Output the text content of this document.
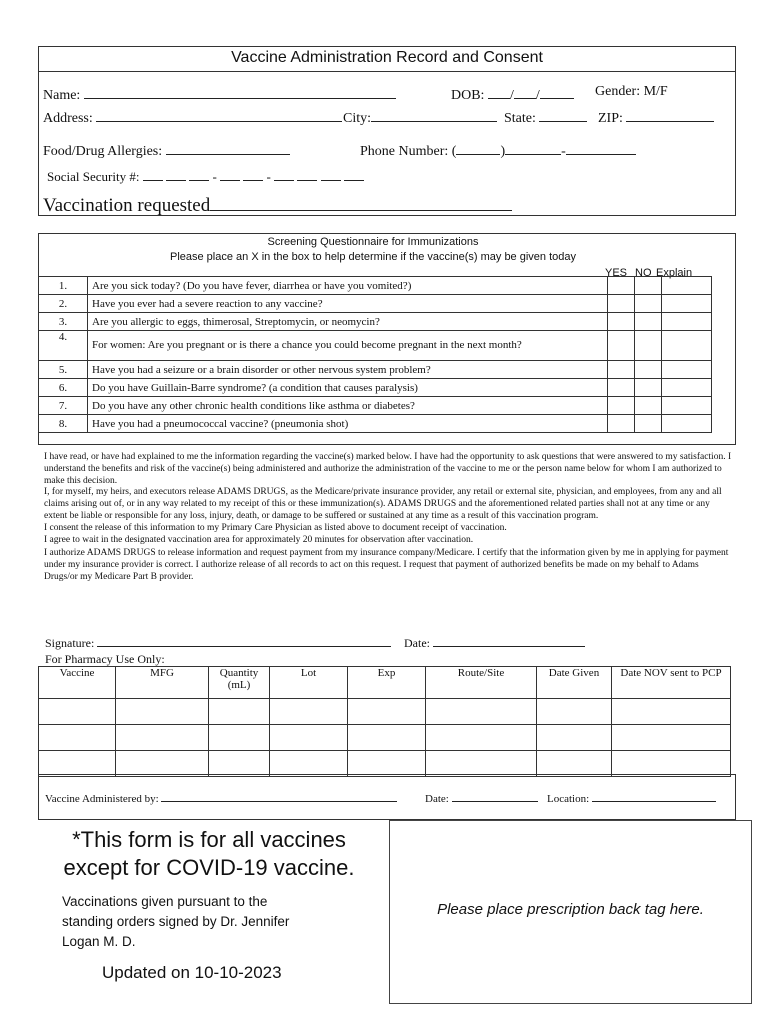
Vaccine Administration Record and Consent
Name:	DOB: / /	Gender: M/F
Address:	City:	State:	ZIP:
Food/Drug Allergies:	Phone Number: (	)	-
Social Security #:	-	-
Vaccination requested
Screening Questionnaire for Immunizations
Please place an X in the box to help determine if the vaccine(s) may be given today
YES NO Explain
1.	Are you sick today? (Do you have fever, diarrhea or have you vomited?)			
2.	Have you ever had a severe reaction to any vaccine?			
3.	Are you allergic to eggs, thimerosal, Streptomycin, or neomycin?			
4.	For women: Are you pregnant or is there a chance you could become pregnant in the next month?			
5.	Have you had a seizure or a brain disorder or other nervous system problem?			
6.	Do you have Guillain-Barre syndrome? (a condition that causes paralysis)			
7.	Do you have any other chronic health conditions like asthma or diabetes?			
8.	Have you had a pneumococcal vaccine? (pneumonia shot)			

I have read, or have had explained to me the information regarding the vaccine(s) marked below. I have had the opportunity to ask questions that were answered to my satisfaction. I understand the benefits and risk of the vaccine(s) being administered and authorize the administration of the vaccine to me or the person name below for whom I am authorized to make this decision.

I, for myself, my heirs, and executors release ADAMS DRUGS, as the Medicare/private insurance provider, any retail or external site, physician, and employees, from any and all claims arising out of, or in any way related to my receipt of this or these immunization(s). ADAMS DRUGS and the aforementioned related parties shall not at any time or any extent be liable or responsible for any loss, injury, death, or damage to be suffered or sustained at any time as a result of this vaccination program.

I consent the release of this information to my Primary Care Physician as listed above to document receipt of vaccination.

I agree to wait in the designated vaccination area for approximately 20 minutes for observation after vaccination.

I authorize ADAMS DRUGS to release information and request payment from my insurance company/Medicare. I certify that the information given by me in applying for payment under my insurance provider is correct. I authorize release of all records to act on this request. I request that payment of authorized benefits be made on my behalf to Adams Drugs/or my Medicare Part B provider.

Signature:	Date:
For Pharmacy Use Only:
Vaccine	MFG	Quantity (mL)	Lot	Exp	Route/Site	Date Given	Date NOV sent to PCP

Vaccine Administered by:	Date:	Location:
*This form is for all vaccines except for COVID-19 vaccine.
Vaccinations given pursuant to the standing orders signed by Dr. Jennifer Logan M. D.
Updated on 10-10-2023
Please place prescription back tag here.
